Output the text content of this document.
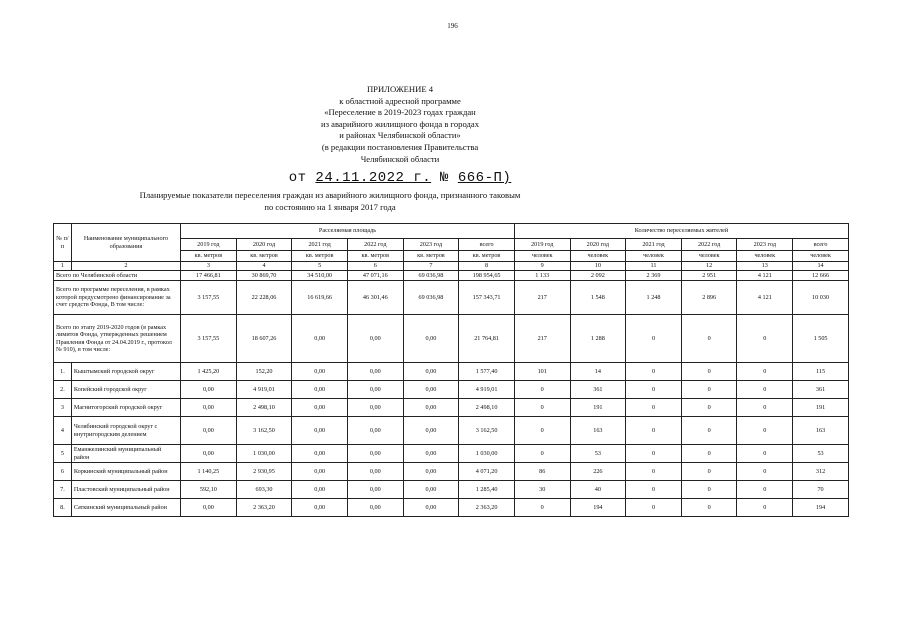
196
ПРИЛОЖЕНИЕ 4
к областной адресной программе
«Переселение в 2019-2023 годах граждан
из аварийного жилищного фонда в городах
и районах Челябинской области»
(в редакции постановления Правительства
Челябинской области
от 24.11.2022 г. № 666-П)
Планируемые показатели переселения граждан из аварийного жилищного фонда, признанного таковым
по состоянию на 1 января 2017 года
№ п/п	Наименование муниципального образования	Расселяемая площадь						Количество переселяемых жителей					
		2019 год	2020 год	2021 год	2022 год	2023 год	всего	2019 год	2020 год	2021 год	2022 год	2023 год	всего
		кв. метров	кв. метров	кв. метров	кв. метров	кв. метров	кв. метров	человек	человек	человек	человек	человек	человек
1	2	3	4	5	6	7	8	9	10	11	12	13	14
Всего по Челябинской области		17 466,81	30 869,70	34 510,00	47 071,16	69 036,98	198 954,65	1 133	2 092	2 369	2 951	4 121	12 666
Всего по программе переселения, в рамках которой предусмотрено финансирование за счет средств Фонда, В том числе:		3 157,55	22 228,06	16 619,66	46 301,46	69 036,98	157 343,71	217	1 548	1 248	2 896	4 121	10 030
Всего по этапу 2019-2020 годов (в рамках лимитов Фонда, утвержденных решением Правления Фонда от 24.04.2019 г., протокол № 910), в том числе:		3 157,55	18 607,26	0,00	0,00	0,00	21 764,81	217	1 288	0	0	0	1 505
1.	Кыштымский городской округ	1 425,20	152,20	0,00	0,00	0,00	1 577,40	101	14	0	0	0	115
2.	Копейский городской округ	0,00	4 919,01	0,00	0,00	0,00	4 919,01	0	361	0	0	0	361
3	Магнитогорский городской округ	0,00	2 498,10	0,00	0,00	0,00	2 498,10	0	191	0	0	0	191
4	Челябинский городской округ с внутригородским делением	0,00	3 162,50	0,00	0,00	0,00	3 162,50	0	163	0	0	0	163
5	Еманжелинский муниципальный район	0,00	1 030,00	0,00	0,00	0,00	1 030,00	0	53	0	0	0	53
6	Коркинский муниципальный район	1 140,25	2 930,95	0,00	0,00	0,00	4 071,20	86	226	0	0	0	312
7.	Пластовский муниципальный район	592,10	693,30	0,00	0,00	0,00	1 285,40	30	40	0	0	0	70
8.	Саткинский муниципальный район	0,00	2 363,20	0,00	0,00	0,00	2 363,20	0	194	0	0	0	194
